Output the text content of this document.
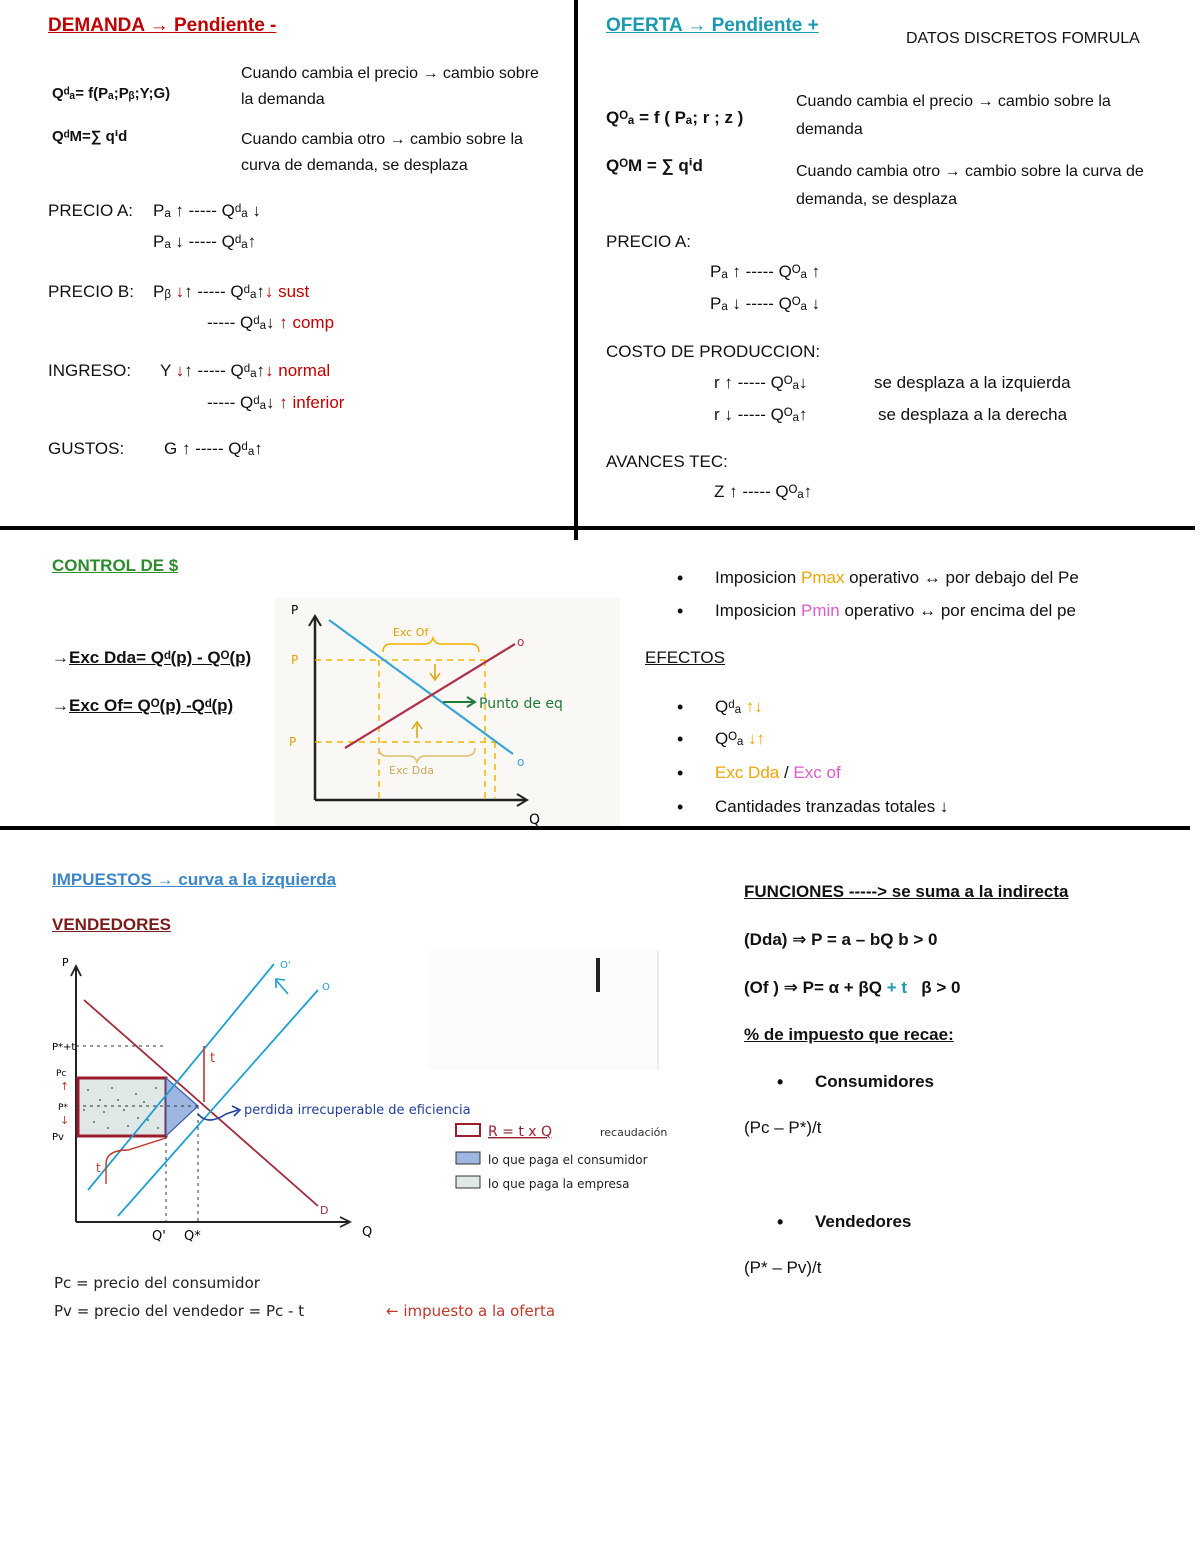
DEMANDA → Pendiente -
Qᵈₐ= f(Pₐ;Pᵦ;Y;G)
QᵈM=∑ qⁱd
Cuando cambia el precio → cambio sobre la demanda
Cuando cambia otro → cambio sobre la curva de demanda, se desplaza
PRECIO A: Pₐ ↑ ----- Qᵈₐ ↓
Pₐ ↓ ----- Qᵈₐ↑
PRECIO B: Pᵦ ↓↑ ----- Qᵈₐ↑↓ sust
----- Qᵈₐ↓ ↑ comp
INGRESO: Y ↓↑ ----- Qᵈₐ↑↓ normal
----- Qᵈₐ↓ ↑ inferior
GUSTOS: G ↑ ----- Qᵈₐ↑
OFERTA → Pendiente +
DATOS DISCRETOS FOMRULA
Qᴼₐ = f ( Pₐ; r ; z )
QᴼM = ∑ qⁱd
Cuando cambia el precio → cambio sobre la demanda
Cuando cambia otro → cambio sobre la curva de demanda, se desplaza
PRECIO A:
Pₐ ↑ ----- Qᴼₐ ↑
Pₐ ↓ ----- Qᴼₐ ↓
COSTO DE PRODUCCION:
r ↑ ----- Qᴼₐ↓	se desplaza a la izquierda
r ↓ ----- Qᴼₐ↑	se desplaza a la derecha
AVANCES TEC:
Z ↑ ----- Qᴼₐ↑
CONTROL DE $
→Exc Dda= Qᵈ(p) - Qᴼ(p)
→Exc Of= Qᴼ(p) -Qᵈ(p)
P
Q
P
P
o
o
Exc Of
Exc Dda
Punto de eq
• Imposicion Pmax operativo ↔ por debajo del Pe
• Imposicion Pmin operativo ↔ por encima del pe
EFECTOS
• Qᵈₐ ↑↓
• Qᴼₐ ↓↑
• Exc Dda / Exc of
• Cantidades tranzadas totales ↓
IMPUESTOS → curva a la izquierda
VENDEDORES
P
Q
O'
O
D
t
t
P*+t
Pc
↑
P*
↓
Pv
Q' Q*
perdida irrecuperable de eficiencia
R = t x Q	recaudación
lo que paga el consumidor
lo que paga la empresa
Pc = precio del consumidor
Pv = precio del vendedor = Pc - t	← impuesto a la oferta
FUNCIONES -----> se suma a la indirecta
(Dda) ⇒ P = a – bQ b > 0
(Of ) ⇒ P= α + βQ + t β > 0
% de impuesto que recae:
• Consumidores
(Pc – P*)/t
• Vendedores
(P* – Pv)/t
